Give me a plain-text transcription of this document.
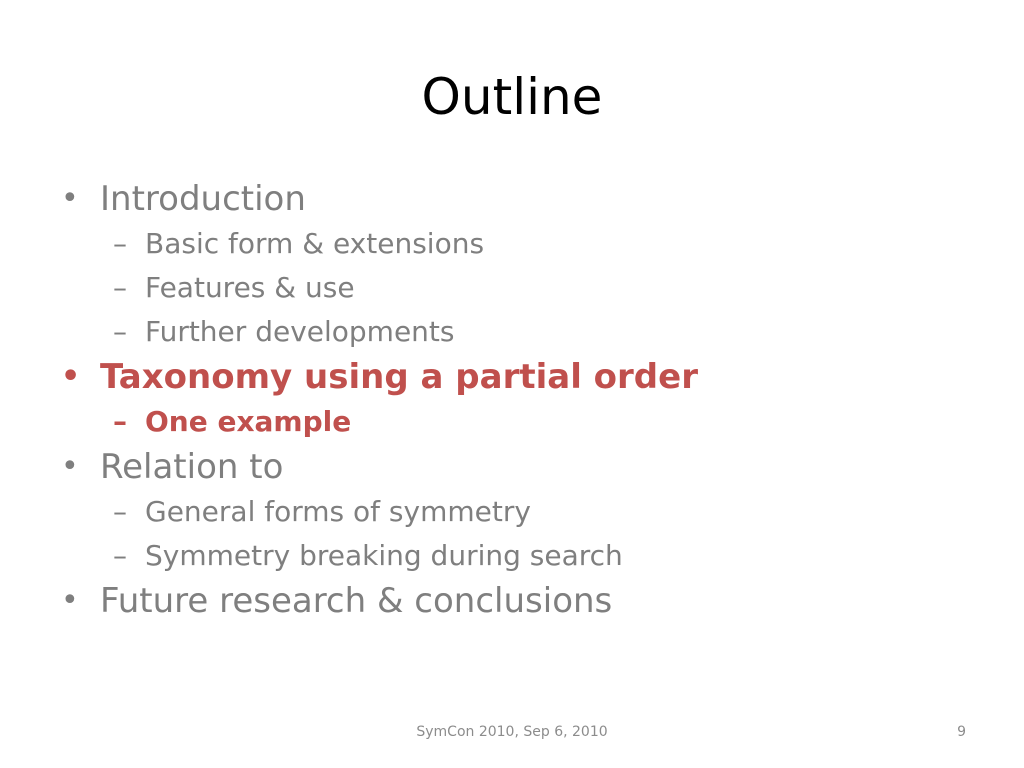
Outline
• Introduction
– Basic form & extensions
– Features & use
– Further developments
• Taxonomy using a partial order
– One example
• Relation to
– General forms of symmetry
– Symmetry breaking during search
• Future research & conclusions
SymCon 2010, Sep 6, 2010	9
